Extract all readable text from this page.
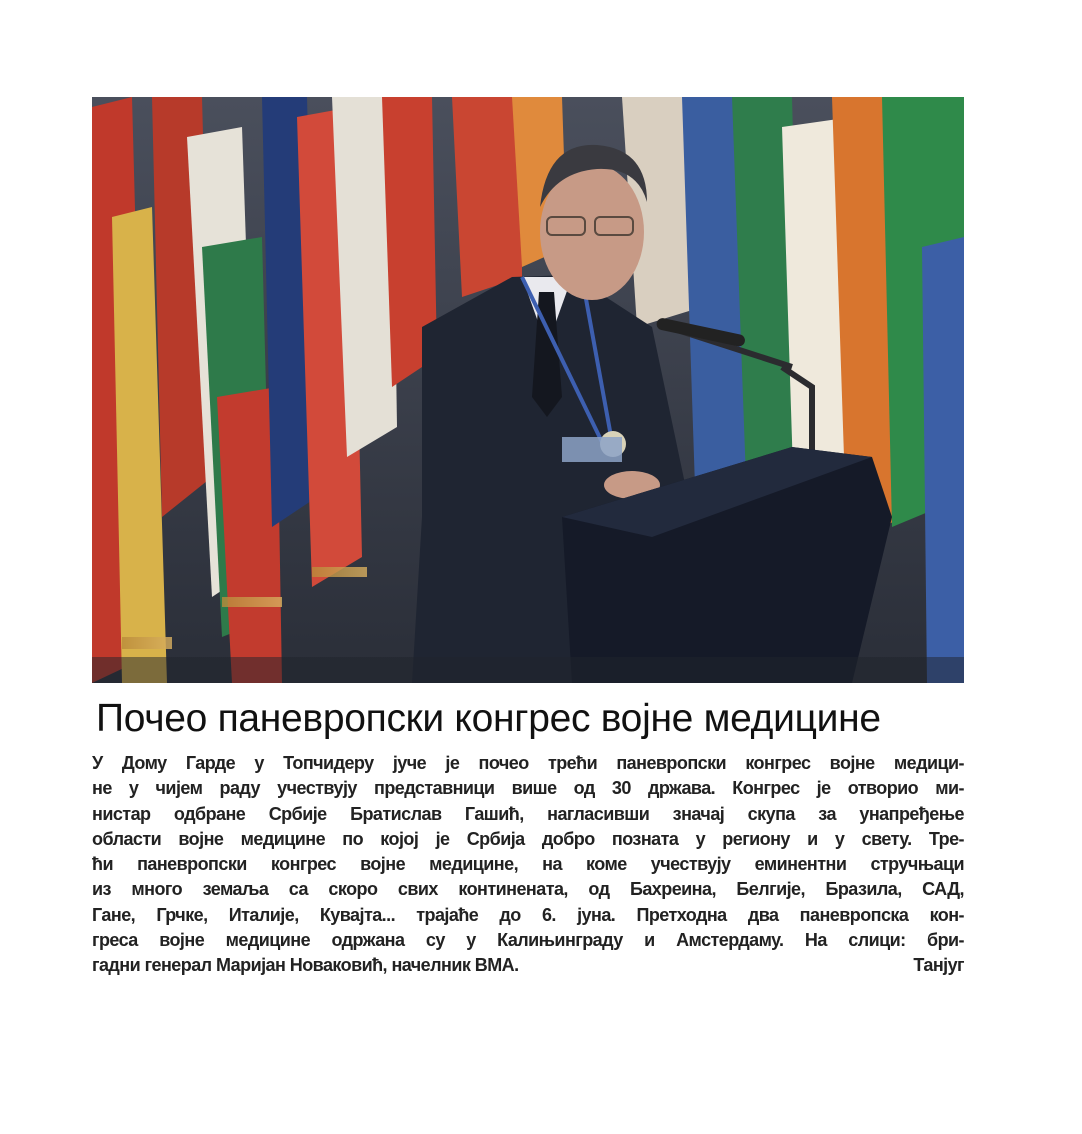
Почео паневропски конгрес војне медицине
У Дому Гарде у Топчидеру јуче је почео трећи паневропски конгрес војне медици-
не у чијем раду учествују представници више од 30 држава. Конгрес је отворио ми-
нистар одбране Србије Братислав Гашић, нагласивши значај скупа за унапређење
области војне медицине по којој је Србија добро позната у региону и у свету. Тре-
ћи паневропски конгрес војне медицине, на коме учествују еминентни стручњаци
из много земаља са скоро свих континената, од Бахреина, Белгије, Бразила, САД,
Гане, Грчке, Италије, Кувајта... трајаће до 6. јуна. Претходна два паневропска кон-
греса војне медицине одржана су у Калињинграду и Амстердаму. На слици: бри-
гадни генерал Маријан Новаковић, начелник ВМА.	Танјуг
